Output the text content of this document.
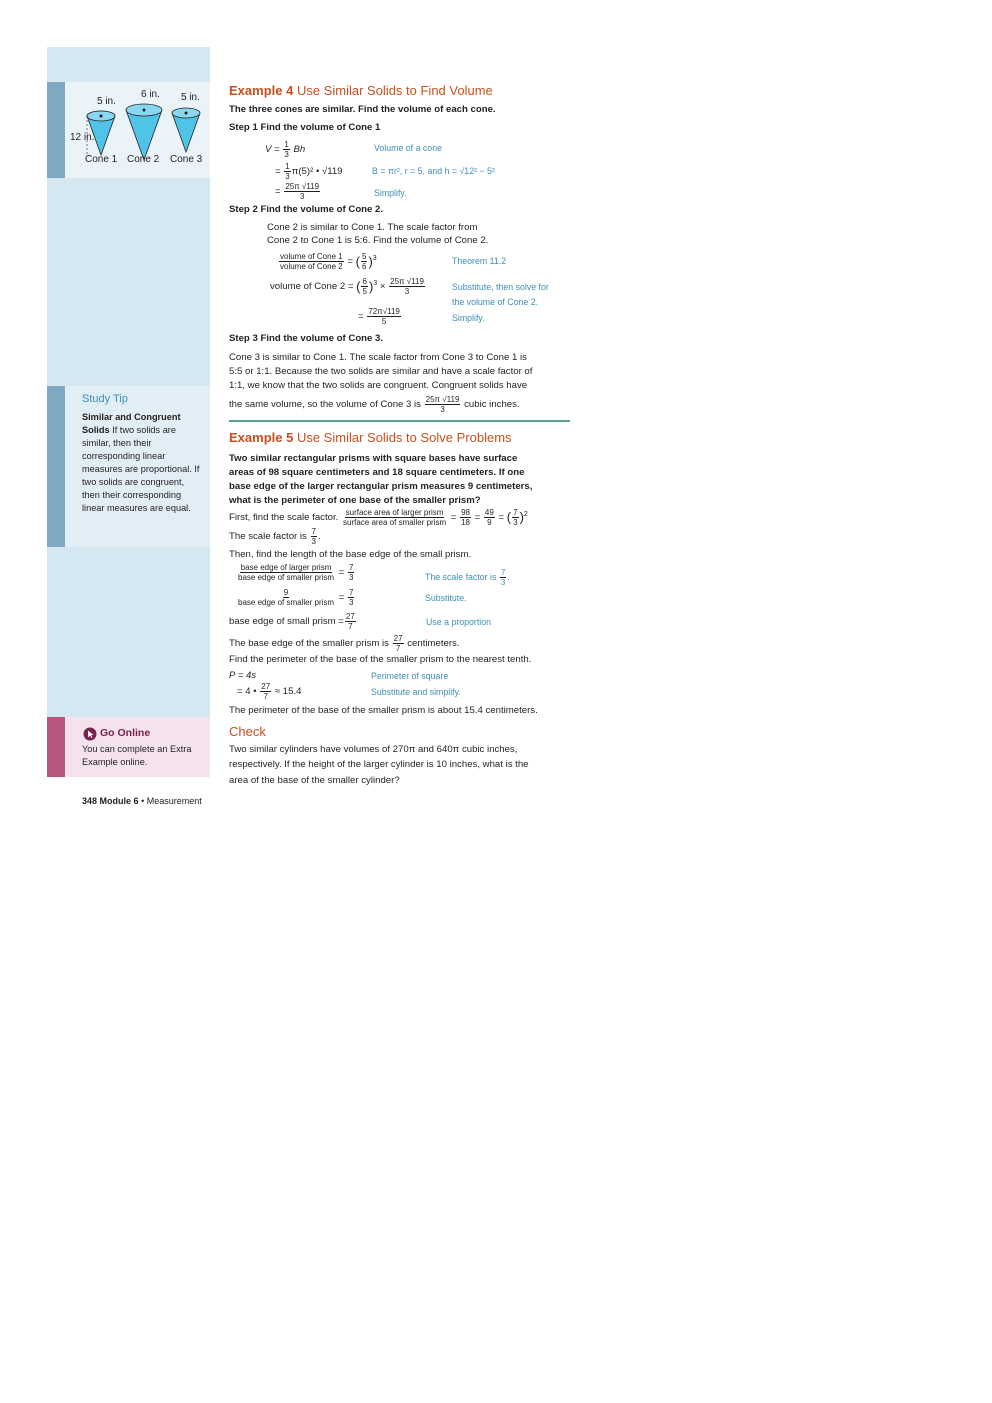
5 in.
6 in. 5 in.
12 in.
Cone 1 Cone 2 Cone 3
Study Tip
Similar and Congruent Solids If two solids are similar, then their corresponding linear measures are proportional. If two solids are congruent, then their corresponding linear measures are equal.
Go Online
You can complete an Extra Example online.
348 Module 6 • Measurement
Example 4 Use Similar Solids to Find Volume
The three cones are similar. Find the volume of each cone.
Step 1 Find the volume of Cone 1
$V = \frac{1}{3}$ Bh	Volume of a cone
= $\frac{1}{3} \pi(5)^2$ • √119	B = πr², r = 5, and h = √12² − 5²
= $\frac{25\pi √119}{3}$	Simplify.
Step 2 Find the volume of Cone 2.
Cone 2 is similar to Cone 1. The scale factor from
Cone 2 to Cone 1 is 5:6. Find the volume of Cone 2.
$\frac{\text{volume of Cone 1}}{\text{volume of Cone 2}}$ = ( $\frac{5}{6} )^3$	Theorem 11.2
volume of Cone 2 = ( $\frac{6}{5} )^3 \times \frac{25\pi √119}{3}$	Substitute, then solve for
the volume of Cone 2.
= $\frac{72\pi√119}{5}$	Simplify.
Step 3 Find the volume of Cone 3.
Cone 3 is similar to Cone 1. The scale factor from Cone 3 to Cone 1 is
5:5 or 1:1. Because the two solids are similar and have a scale factor of
1:1, we know that the two solids are congruent. Congruent solids have
the same volume, so the volume of Cone 3 is $\frac{25\pi √119}{3}$ cubic inches.
Example 5 Use Similar Solids to Solve Problems
Two similar rectangular prisms with square bases have surface
areas of 98 square centimeters and 18 square centimeters. If one
base edge of the larger rectangular prism measures 9 centimeters,
what is the perimeter of one base of the smaller prism?
First, find the scale factor. $\frac{\text{surface area of larger prism}}{\text{surface area of smaller prism}} = \frac{98}{18} = \frac{49}{9}$ = ( $\frac{7}{3} )^2$
The scale factor is $\frac{7}{3}$ .
Then, find the length of the base edge of the small prism.
$\frac{\text{base edge of larger prism}}{\text{base edge of smaller prism}} = \frac{7}{3}$	The scale factor is $\frac{7}{3}$ .
$\frac{9}{\text{base edge of smaller prism}} = \frac{7}{3}$	Substitute.
base edge of small prism = $\frac{27}{7}$	Use a proportion
The base edge of the smaller prism is $\frac{27}{7}$ centimeters.
Find the perimeter of the base of the smaller prism to the nearest tenth.
P = 4s	Perimeter of square
= 4 • $\frac{27}{7} \approx 15.4$	Substitute and simplify.
The perimeter of the base of the smaller prism is about 15.4 centimeters.
Check
Two similar cylinders have volumes of 270π and 640π cubic inches,
respectively. If the height of the larger cylinder is 10 inches, what is the
area of the base of the smaller cylinder?
